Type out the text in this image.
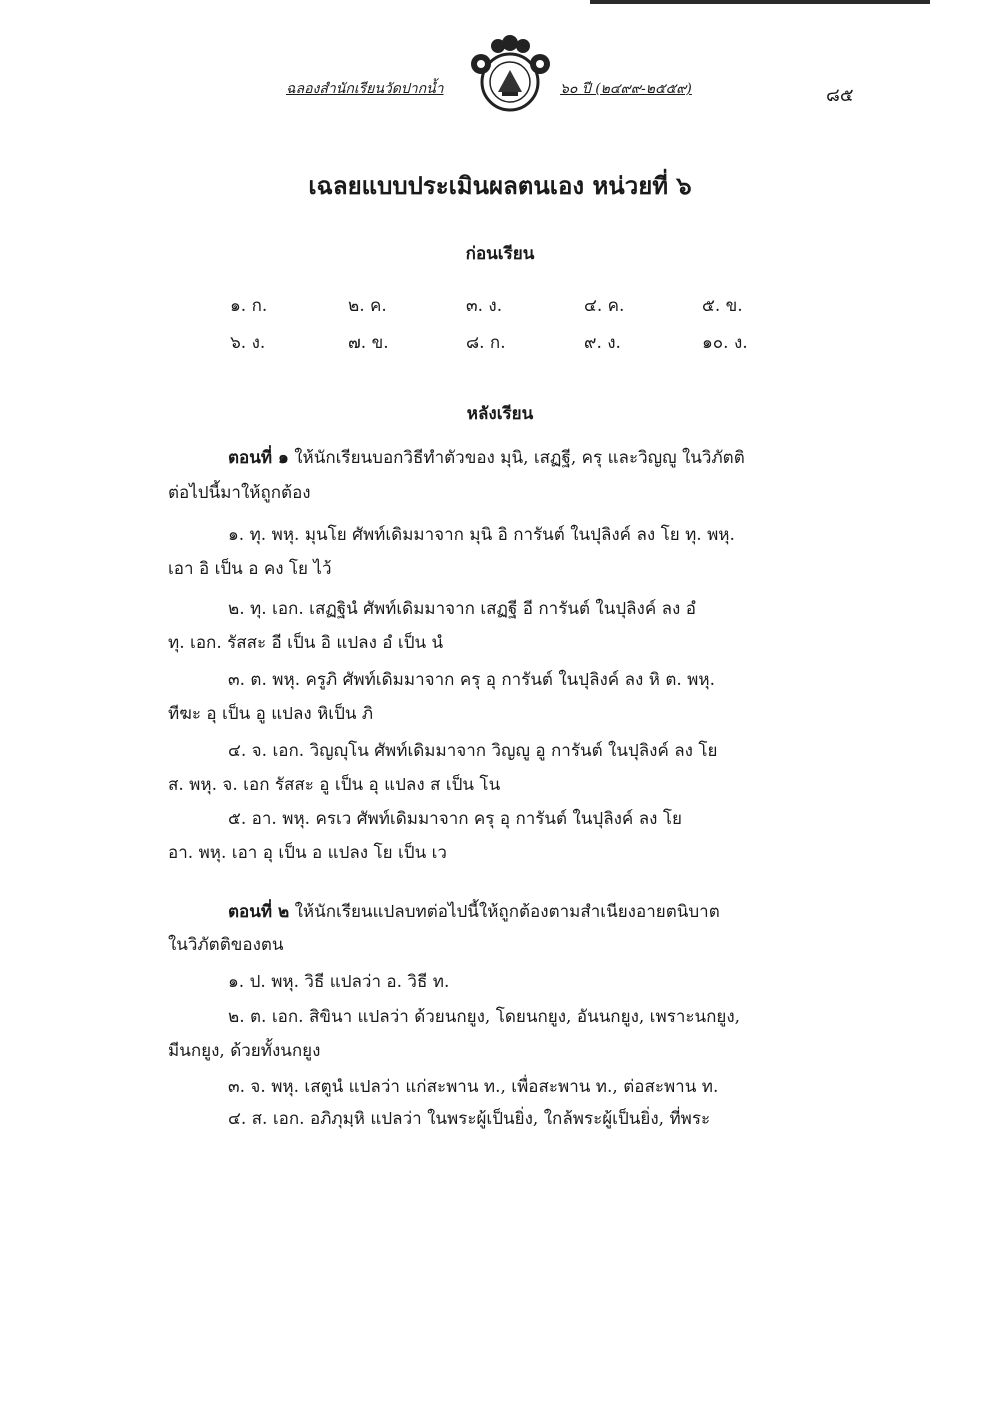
ฉลองสำนักเรียนวัดปากน้ำ	๖๐ ปี (๒๔๙๙-๒๕๕๙)	๘๕
เฉลยแบบประเมินผลตนเอง หน่วยที่ ๖
ก่อนเรียน
๑. ก.	๒. ค.	๓. ง.	๔. ค.	๕. ข.
๖. ง.	๗. ข.	๘. ก.	๙. ง.	๑๐. ง.
หลังเรียน
ตอนที่ ๑ ให้นักเรียนบอกวิธีทำตัวของ มุนิ, เสฏฐี, ครุ และวิญญู ในวิภัตติ
ต่อไปนี้มาให้ถูกต้อง
๑. ทุ. พหุ. มุนโย ศัพท์เดิมมาจาก มุนิ อิ การันต์ ในปุลิงค์ ลง โย ทุ. พหุ.
เอา อิ เป็น อ คง โย ไว้
๒. ทุ. เอก. เสฏฐินํ ศัพท์เดิมมาจาก เสฏฐี อี การันต์ ในปุลิงค์ ลง อํ
ทุ. เอก. รัสสะ อี เป็น อิ แปลง อํ เป็น นํ
๓. ต. พหุ. ครูภิ ศัพท์เดิมมาจาก ครุ อุ การันต์ ในปุลิงค์ ลง หิ ต. พหุ.
ทีฆะ อุ เป็น อู แปลง หิเป็น ภิ
๔. จ. เอก. วิญญุโน ศัพท์เดิมมาจาก วิญญู อู การันต์ ในปุลิงค์ ลง โย
ส. พหุ. จ. เอก รัสสะ อู เป็น อุ แปลง ส เป็น โน
๕. อา. พหุ. ครเว ศัพท์เดิมมาจาก ครุ อุ การันต์ ในปุลิงค์ ลง โย
อา. พหุ. เอา อุ เป็น อ แปลง โย เป็น เว
ตอนที่ ๒ ให้นักเรียนแปลบทต่อไปนี้ให้ถูกต้องตามสำเนียงอายตนิบาต
ในวิภัตติของตน
๑. ป. พหุ. วิธี แปลว่า อ. วิธี ท.
๒. ต. เอก. สิขินา แปลว่า ด้วยนกยูง, โดยนกยูง, อันนกยูง, เพราะนกยูง,
มีนกยูง, ด้วยทั้งนกยูง
๓. จ. พหุ. เสตูนํ แปลว่า แก่สะพาน ท., เพื่อสะพาน ท., ต่อสะพาน ท.
๔. ส. เอก. อภิภุมฺหิ แปลว่า ในพระผู้เป็นยิ่ง, ใกล้พระผู้เป็นยิ่ง, ที่พระ
